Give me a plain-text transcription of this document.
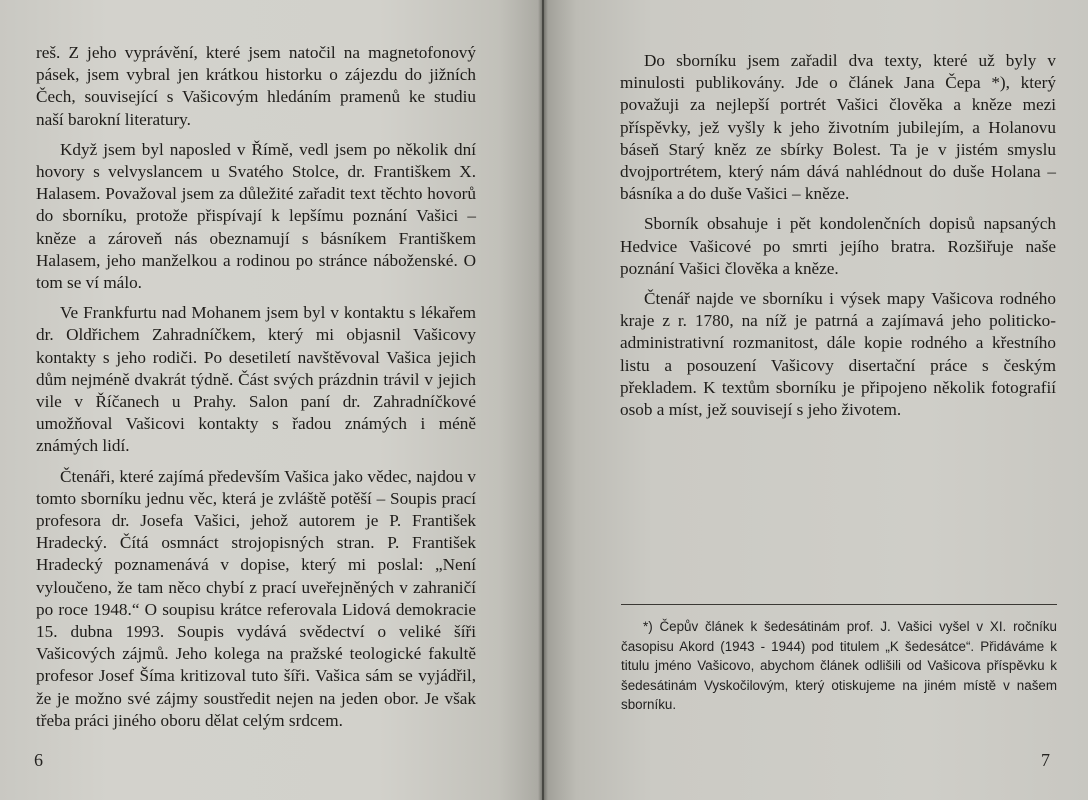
reš. Z jeho vyprávění, které jsem natočil na magnetofonový pásek, jsem vybral jen krátkou historku o zájezdu do jižních Čech, související s Vašicovým hledáním pramenů ke studiu naší barokní literatury.

Když jsem byl naposled v Římě, vedl jsem po několik dní hovory s velvyslancem u Svatého Stolce, dr. Františkem X. Halasem. Považoval jsem za důležité zařadit text těchto hovorů do sborníku, protože přispívají k lepšímu poznání Vašici – kněze a zároveň nás obeznamují s básníkem Františkem Halasem, jeho manželkou a rodinou po stránce náboženské. O tom se ví málo.

Ve Frankfurtu nad Mohanem jsem byl v kontaktu s lékařem dr. Oldřichem Zahradníčkem, který mi objasnil Vašicovy kontakty s jeho rodiči. Po desetiletí navštěvoval Vašica jejich dům nejméně dvakrát týdně. Část svých prázdnin trávil v jejich vile v Říčanech u Prahy. Salon paní dr. Zahradníčkové umožňoval Vašicovi kontakty s řadou známých i méně známých lidí.

Čtenáři, které zajímá především Vašica jako vědec, najdou v tomto sborníku jednu věc, která je zvláště potěší – Soupis prací profesora dr. Josefa Vašici, jehož autorem je P. František Hradecký. Čítá osmnáct strojopisných stran. P. František Hradecký poznamenává v dopise, který mi poslal: „Není vyloučeno, že tam něco chybí z prací uveřejněných v zahraničí po roce 1948.“ O soupisu krátce referovala Lidová demokracie 15. dubna 1993. Soupis vydává svědectví o veliké šíři Vašicových zájmů. Jeho kolega na pražské teologické fakultě profesor Josef Šíma kritizoval tuto šíři. Vašica sám se vyjádřil, že je možno své zájmy soustředit nejen na jeden obor. Je však třeba práci jiného oboru dělat celým srdcem.

Do sborníku jsem zařadil dva texty, které už byly v minulosti publikovány. Jde o článek Jana Čepa *), který považuji za nejlepší portrét Vašici člověka a kněze mezi příspěvky, jež vyšly k jeho životním jubilejím, a Holanovu báseň Starý kněz ze sbírky Bolest. Ta je v jistém smyslu dvojportrétem, který nám dává nahlédnout do duše Holana – básníka a do duše Vašici – kněze.

Sborník obsahuje i pět kondolenčních dopisů napsaných Hedvice Vašicové po smrti jejího bratra. Rozšiřuje naše poznání Vašici člověka a kněze.

Čtenář najde ve sborníku i výsek mapy Vašicova rodného kraje z r. 1780, na níž je patrná a zajímavá jeho politicko-administrativní rozmanitost, dále kopie rodného a křestního listu a posouzení Vašicovy disertační práce s českým překladem. K textům sborníku je připojeno několik fotografií osob a míst, jež souvisejí s jeho životem.

*) Čepův článek k šedesátinám prof. J. Vašici vyšel v XI. ročníku časopisu Akord (1943 - 1944) pod titulem „K šedesátce“. Přidáváme k titulu jméno Vašicovo, abychom článek odlišili od Vašicova příspěvku k šedesátinám Vyskočilovým, který otiskujeme na jiném místě v našem sborníku.
6	7
